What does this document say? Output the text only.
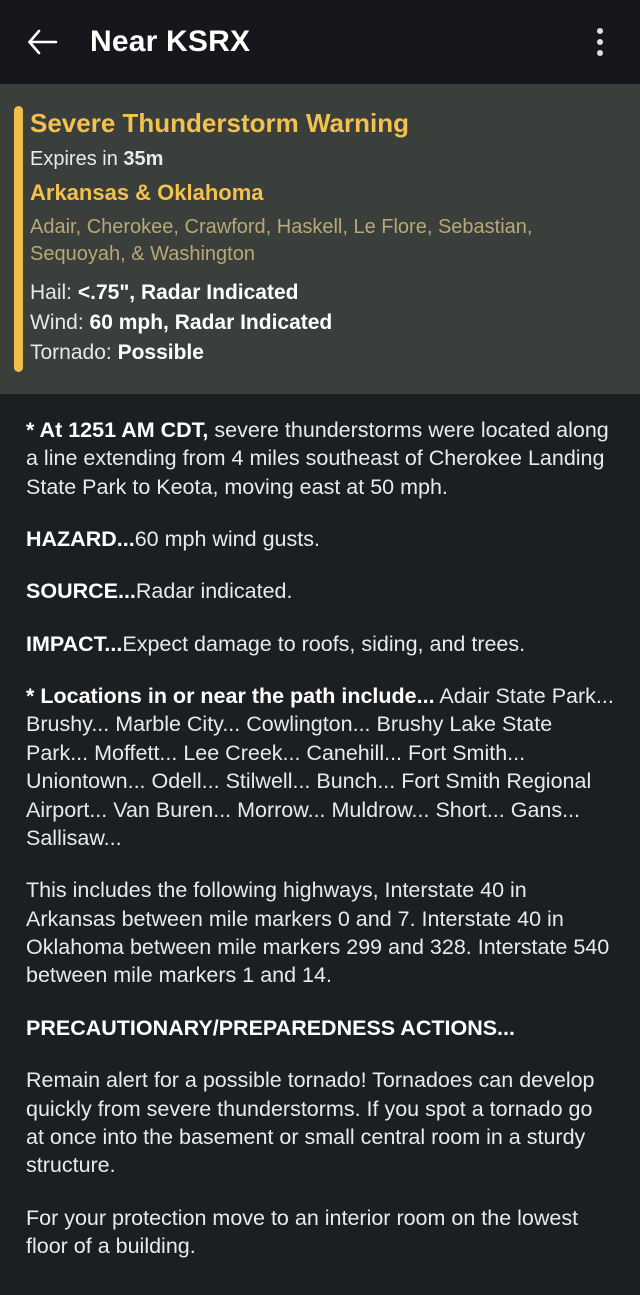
Near KSRX
Severe Thunderstorm Warning
Expires in 35m
Arkansas & Oklahoma
Adair, Cherokee, Crawford, Haskell, Le Flore, Sebastian, Sequoyah, & Washington
Hail: <.75", Radar Indicated
Wind: 60 mph, Radar Indicated
Tornado: Possible

* At 1251 AM CDT, severe thunderstorms were located along a line extending from 4 miles southeast of Cherokee Landing State Park to Keota, moving east at 50 mph.

HAZARD...60 mph wind gusts.

SOURCE...Radar indicated.

IMPACT...Expect damage to roofs, siding, and trees.

* Locations in or near the path include... Adair State Park... Brushy... Marble City... Cowlington... Brushy Lake State Park... Moffett... Lee Creek... Canehill... Fort Smith... Uniontown... Odell... Stilwell... Bunch... Fort Smith Regional Airport... Van Buren... Morrow... Muldrow... Short... Gans... Sallisaw...

This includes the following highways, Interstate 40 in Arkansas between mile markers 0 and 7. Interstate 40 in Oklahoma between mile markers 299 and 328. Interstate 540 between mile markers 1 and 14.

PRECAUTIONARY/PREPAREDNESS ACTIONS...

Remain alert for a possible tornado! Tornadoes can develop quickly from severe thunderstorms. If you spot a tornado go at once into the basement or small central room in a sturdy structure.

For your protection move to an interior room on the lowest floor of a building.
